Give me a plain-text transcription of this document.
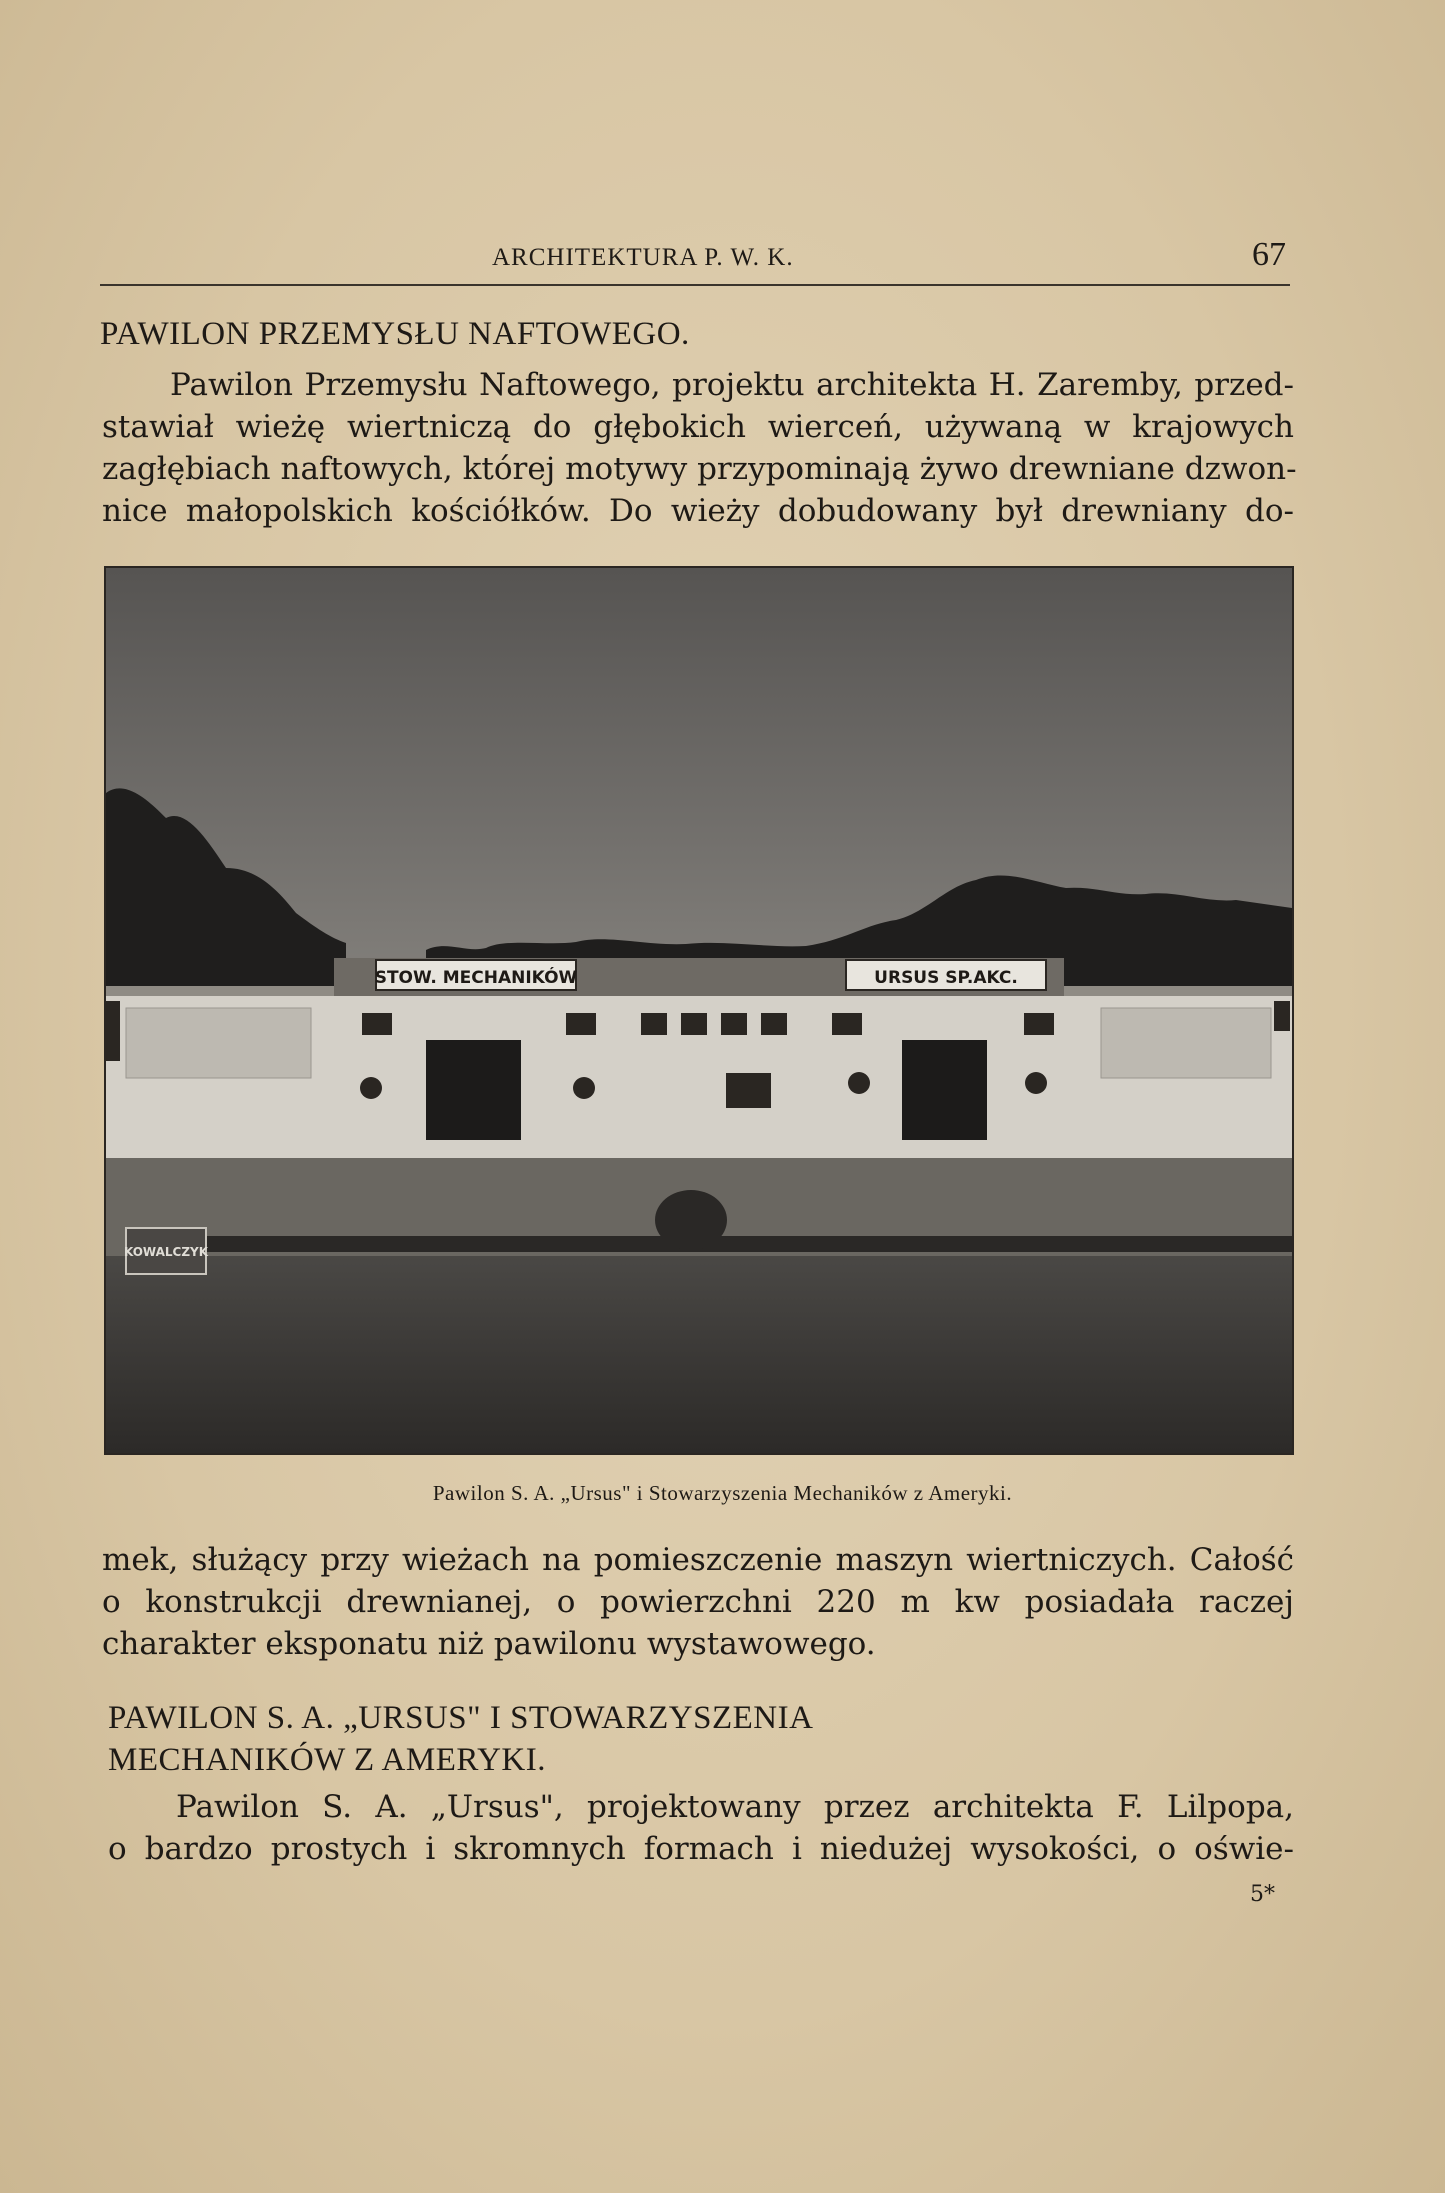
ARCHITEKTURA P. W. K.	67
PAWILON PRZEMYSŁU NAFTOWEGO.
Pawilon Przemysłu Naftowego, projektu architekta H. Zaremby, przed-
stawiał wieżę wiertniczą do głębokich wierceń, używaną w krajowych
zagłębiach naftowych, której motywy przypominają żywo drewniane dzwon-
nice małopolskich kościółków. Do wieży dobudowany był drewniany do-
STOW. MECHANIKÓW	URSUS SP.AKC.
KOWALCZYK
Pawilon S. A. „Ursus" i Stowarzyszenia Mechaników z Ameryki.
mek, służący przy wieżach na pomieszczenie maszyn wiertniczych. Całość
o konstrukcji drewnianej, o powierzchni 220 m kw posiadała raczej
charakter eksponatu niż pawilonu wystawowego.
PAWILON S. A. „URSUS" I STOWARZYSZENIA
MECHANIKÓW Z AMERYKI.
Pawilon S. A. „Ursus", projektowany przez architekta F. Lilpopa,
o bardzo prostych i skromnych formach i niedużej wysokości, o oświe-
5*
